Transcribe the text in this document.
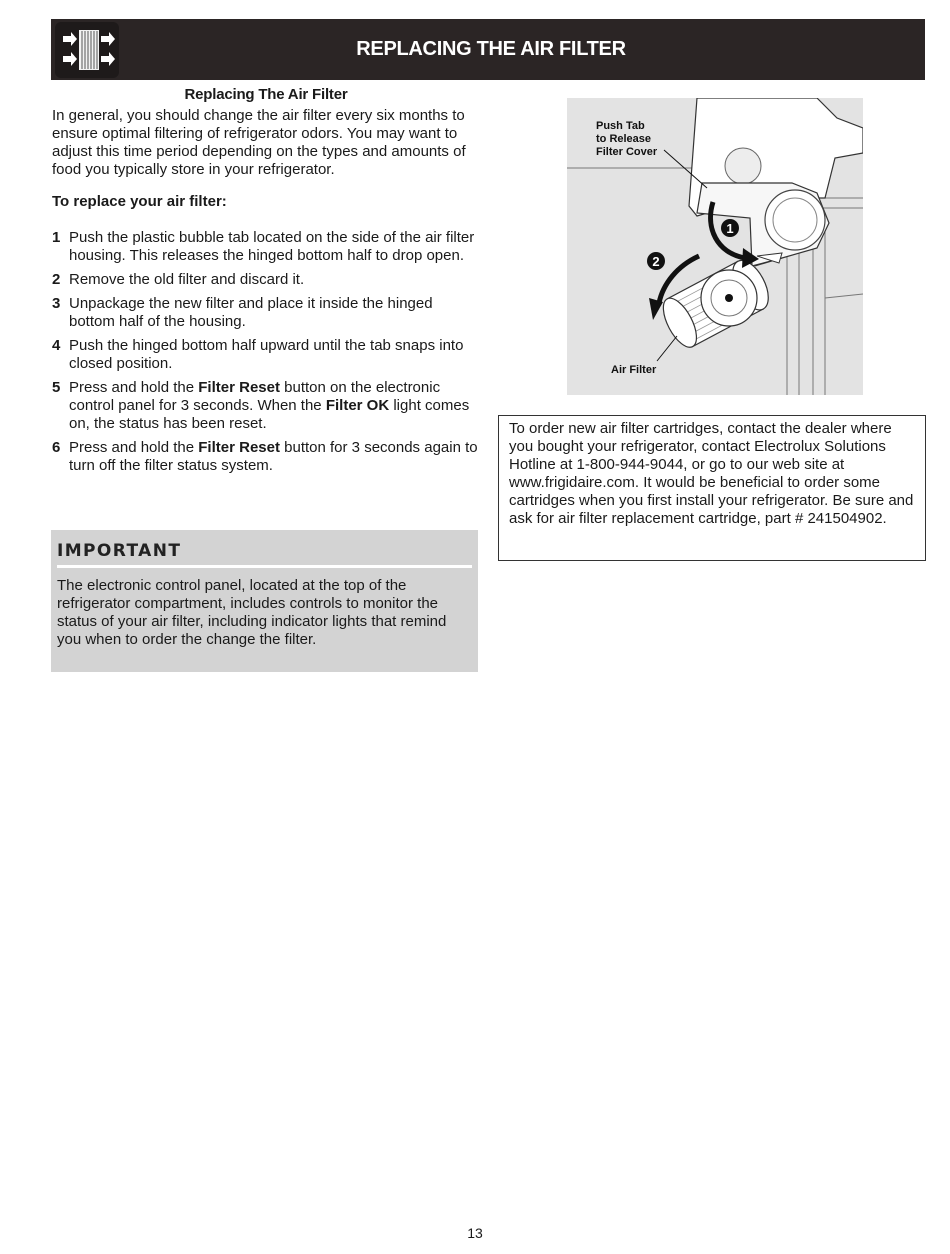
REPLACING THE AIR FILTER

Replacing The Air Filter

In general, you should change the air filter every six months to ensure optimal filtering of refrigerator odors. You may want to adjust this time period depending on the types and amounts of food you typically store in your refrigerator.

To replace your air filter:

1 Push the plastic bubble tab located on the side of the air filter housing. This releases the hinged bottom half to drop open.
2 Remove the old filter and discard it.
3 Unpackage the new filter and place it inside the hinged bottom half of the housing.
4 Push the hinged bottom half upward until the tab snaps into closed position.
5 Press and hold the Filter Reset button on the electronic control panel for 3 seconds. When the Filter OK light comes on, the status has been reset.
6 Press and hold the Filter Reset button for 3 seconds again to turn off the filter status system.
IMPORTANT
The electronic control panel, located at the top of the refrigerator compartment, includes controls to monitor the status of your air filter, including indicator lights that remind you when to order the change the filter.
1
2
Push Tab
to Release
Filter Cover
Air Filter
To order new air filter cartridges, contact the dealer where you bought your refrigerator, contact Electrolux Solutions Hotline at 1-800-944-9044, or go to our web site at www.frigidaire.com. It would be beneficial to order some cartridges when you first install your refrigerator. Be sure and ask for air filter replacement cartridge, part # 241504902.
13
